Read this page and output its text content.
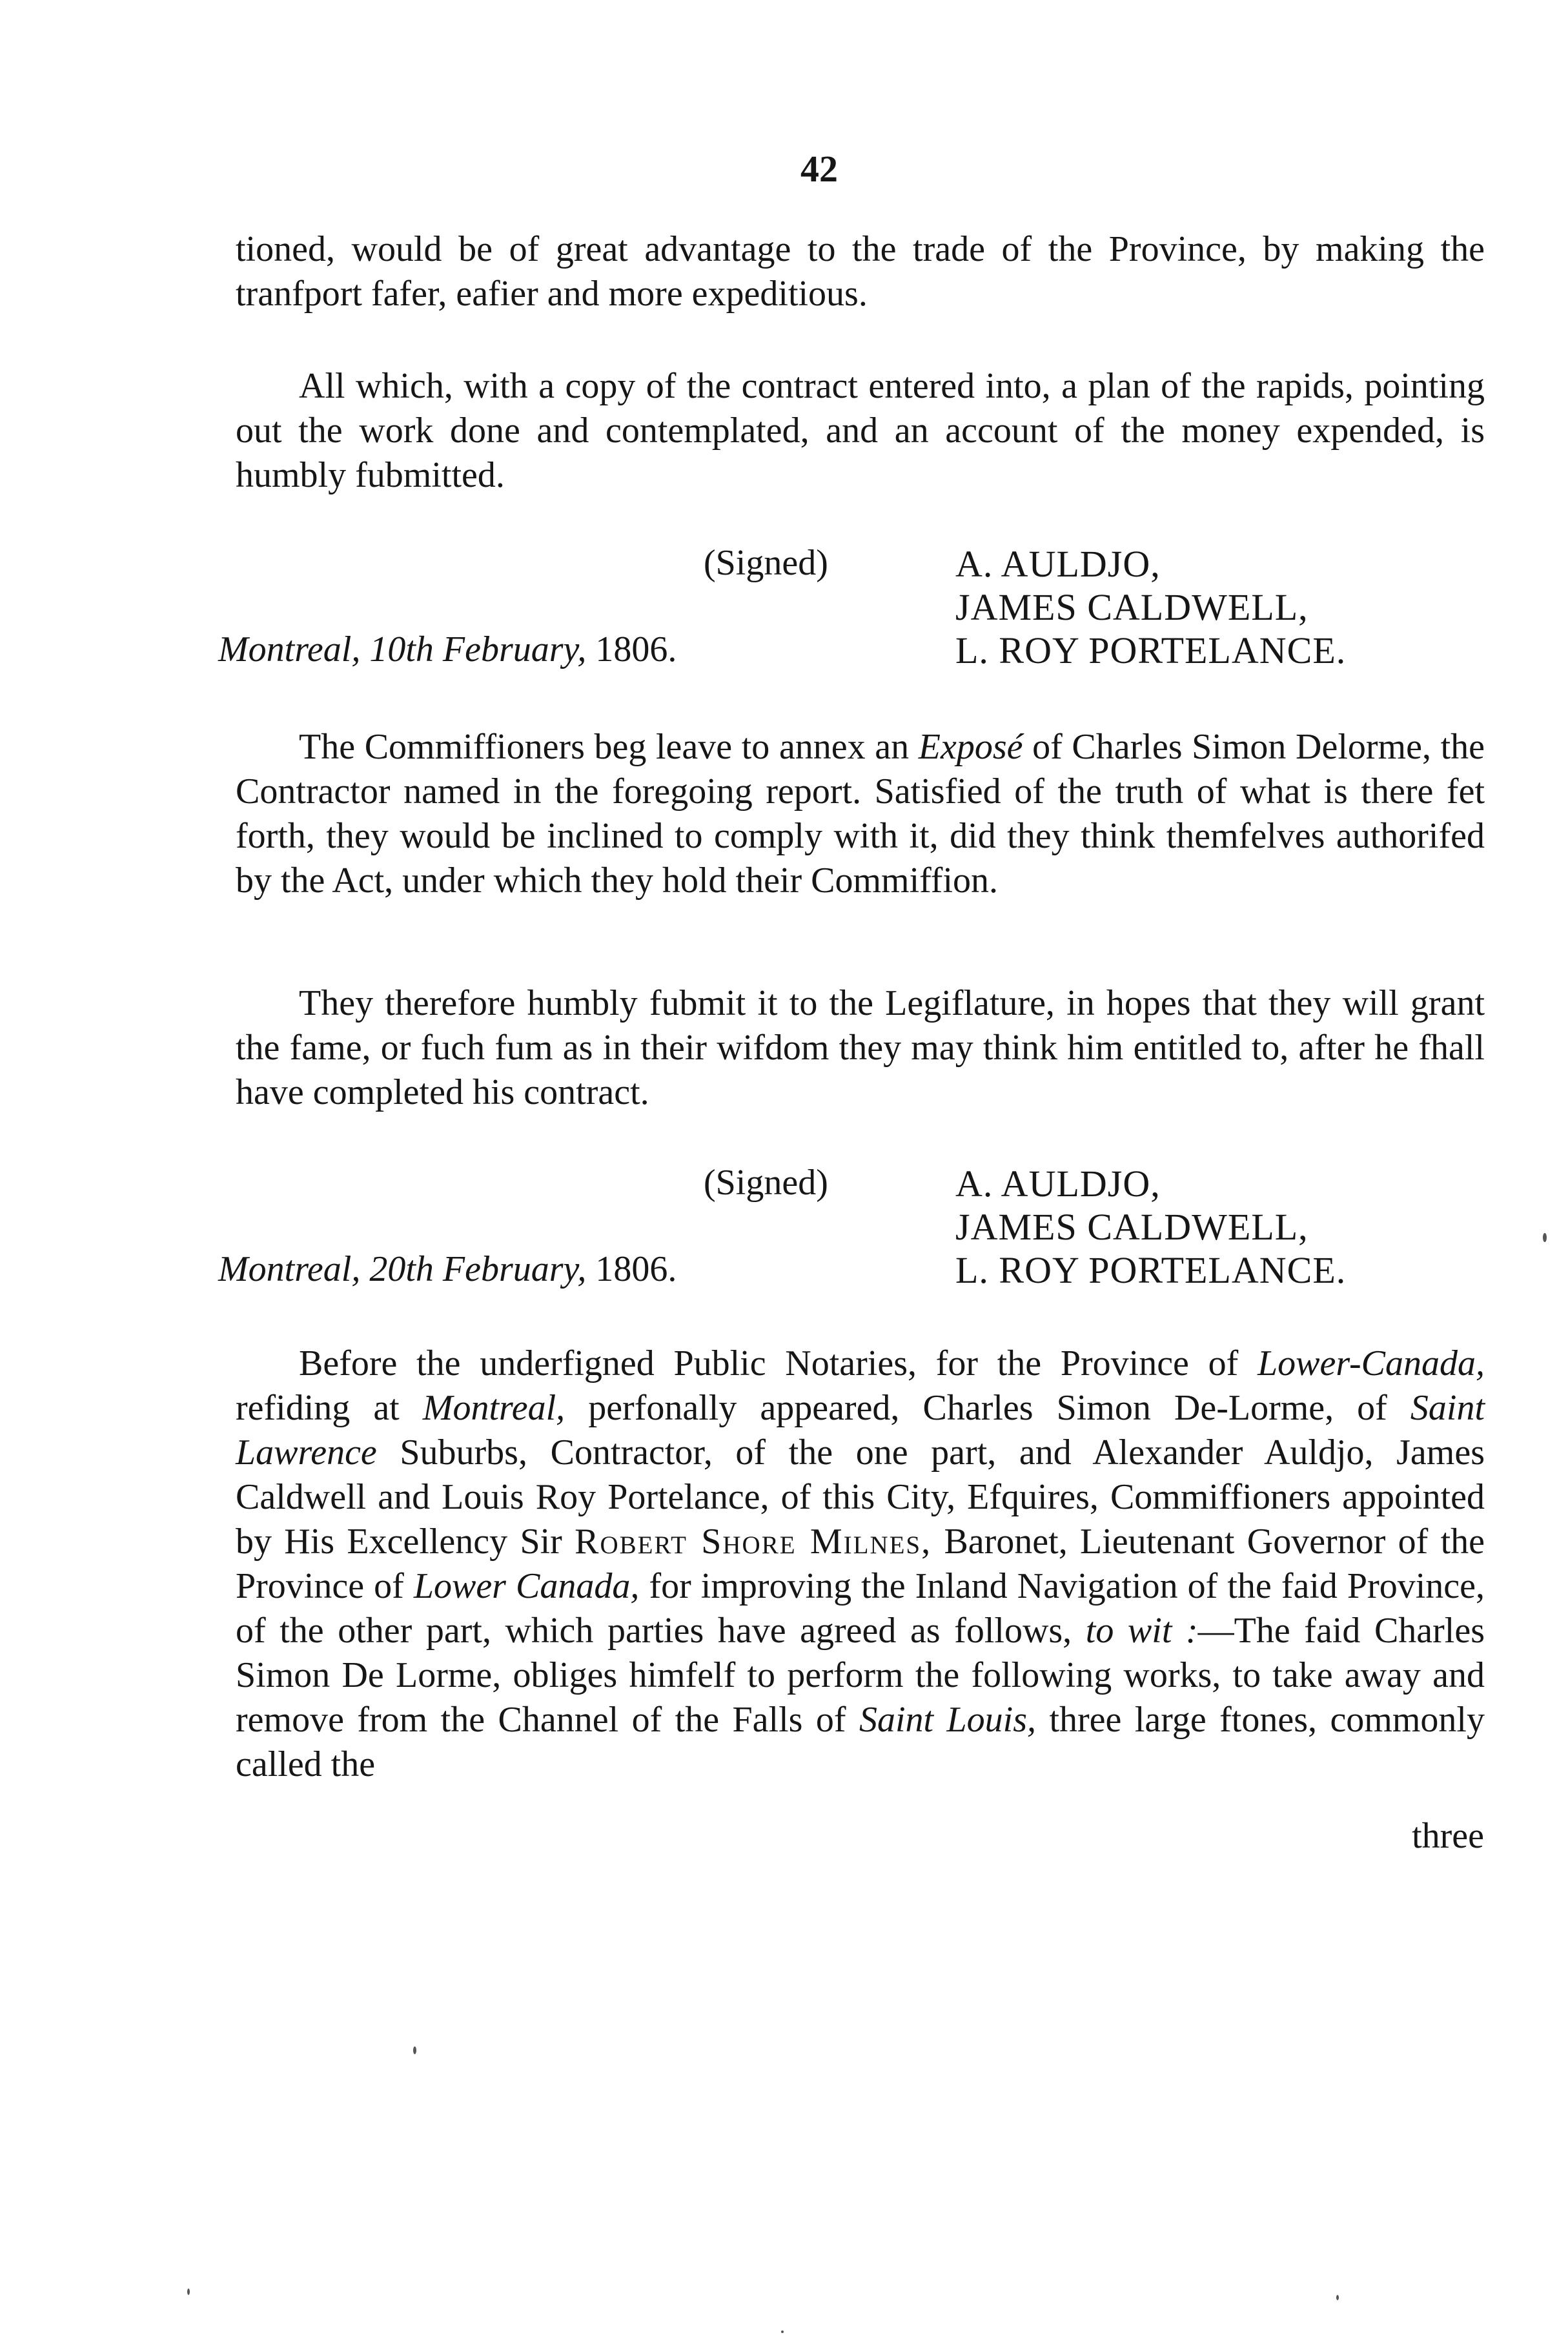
42

tioned, would be of great advantage to the trade of the Province, by making the tranfport fafer, eafier and more expeditious.

All which, with a copy of the contract entered into, a plan of the rapids, pointing out the work done and contemplated, and an account of the money expended, is humbly fubmitted.

(Signed)	A. AULDJO,
JAMES CALDWELL,
L. ROY PORTELANCE.
Montreal, 10th February, 1806.

The Commiffioners beg leave to annex an Exposé of Charles Simon Delorme, the Contractor named in the foregoing report. Satisfied of the truth of what is there fet forth, they would be inclined to comply with it, did they think themfelves authorifed by the Act, under which they hold their Commiffion.

They therefore humbly fubmit it to the Legiflature, in hopes that they will grant the fame, or fuch fum as in their wifdom they may think him entitled to, after he fhall have completed his contract.

(Signed)	A. AULDJO,
JAMES CALDWELL,
L. ROY PORTELANCE.
Montreal, 20th February, 1806.

Before the underfigned Public Notaries, for the Province of Lower-Canada, refiding at Montreal, perfonally appeared, Charles Simon De-Lorme, of Saint Lawrence Suburbs, Contractor, of the one part, and Alexander Auldjo, James Caldwell and Louis Roy Portelance, of this City, Efquires, Commiffioners appointed by His Excellency Sir Robert Shore Milnes, Baronet, Lieutenant Governor of the Province of Lower Canada, for improving the Inland Navigation of the faid Province, of the other part, which parties have agreed as follows, to wit :—The faid Charles Simon De Lorme, obliges himfelf to perform the following works, to take away and remove from the Channel of the Falls of Saint Louis, three large ftones, commonly called the

three
